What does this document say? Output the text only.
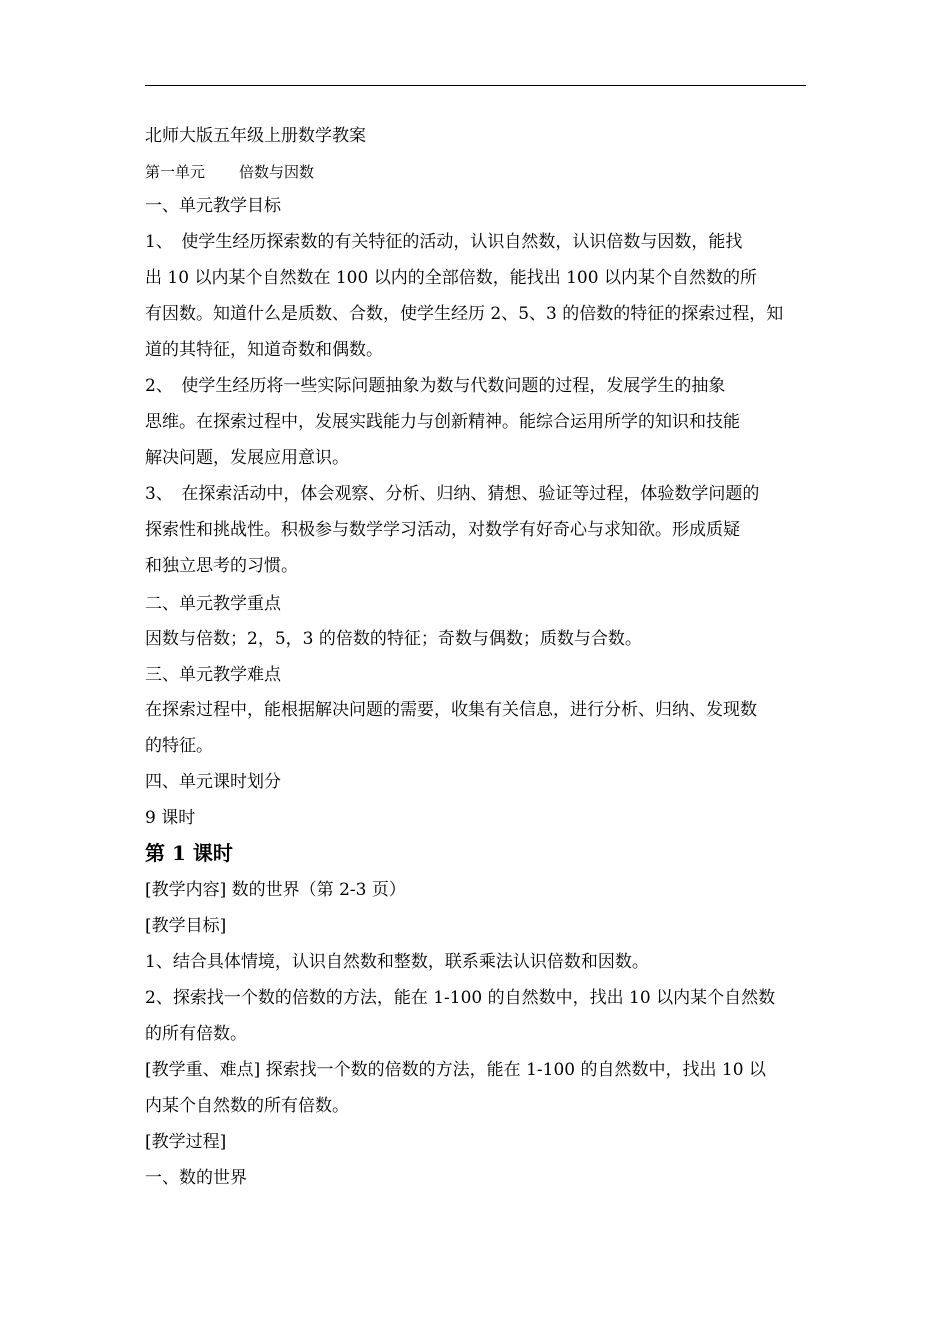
北师大版五年级上册数学教案
第一单元 倍数与因数
一、单元教学目标
1、　使学生经历探索数的有关特征的活动，认识自然数，认识倍数与因数，能找
出 10 以内某个自然数在 100 以内的全部倍数，能找出 100 以内某个自然数的所
有因数。知道什么是质数、合数，使学生经历 2、5、3 的倍数的特征的探索过程，知
道的其特征，知道奇数和偶数。
2、　使学生经历将一些实际问题抽象为数与代数问题的过程，发展学生的抽象
思维。在探索过程中，发展实践能力与创新精神。能综合运用所学的知识和技能
解决问题，发展应用意识。
3、　在探索活动中，体会观察、分析、归纳、猜想、验证等过程，体验数学问题的
探索性和挑战性。积极参与数学学习活动，对数学有好奇心与求知欲。形成质疑
和独立思考的习惯。
二、单元教学重点
因数与倍数；2，5，3 的倍数的特征；奇数与偶数；质数与合数。
三、单元教学难点
在探索过程中，能根据解决问题的需要，收集有关信息，进行分析、归纳、发现数
的特征。
四、单元课时划分
9 课时
第 1 课时
[教学内容] 数的世界（第 2-3 页）
[教学目标]
1、结合具体情境，认识自然数和整数，联系乘法认识倍数和因数。
2、探索找一个数的倍数的方法，能在 1-100 的自然数中，找出 10 以内某个自然数
的所有倍数。
[教学重、难点] 探索找一个数的倍数的方法，能在 1-100 的自然数中，找出 10 以
内某个自然数的所有倍数。
[教学过程]
一、数的世界
